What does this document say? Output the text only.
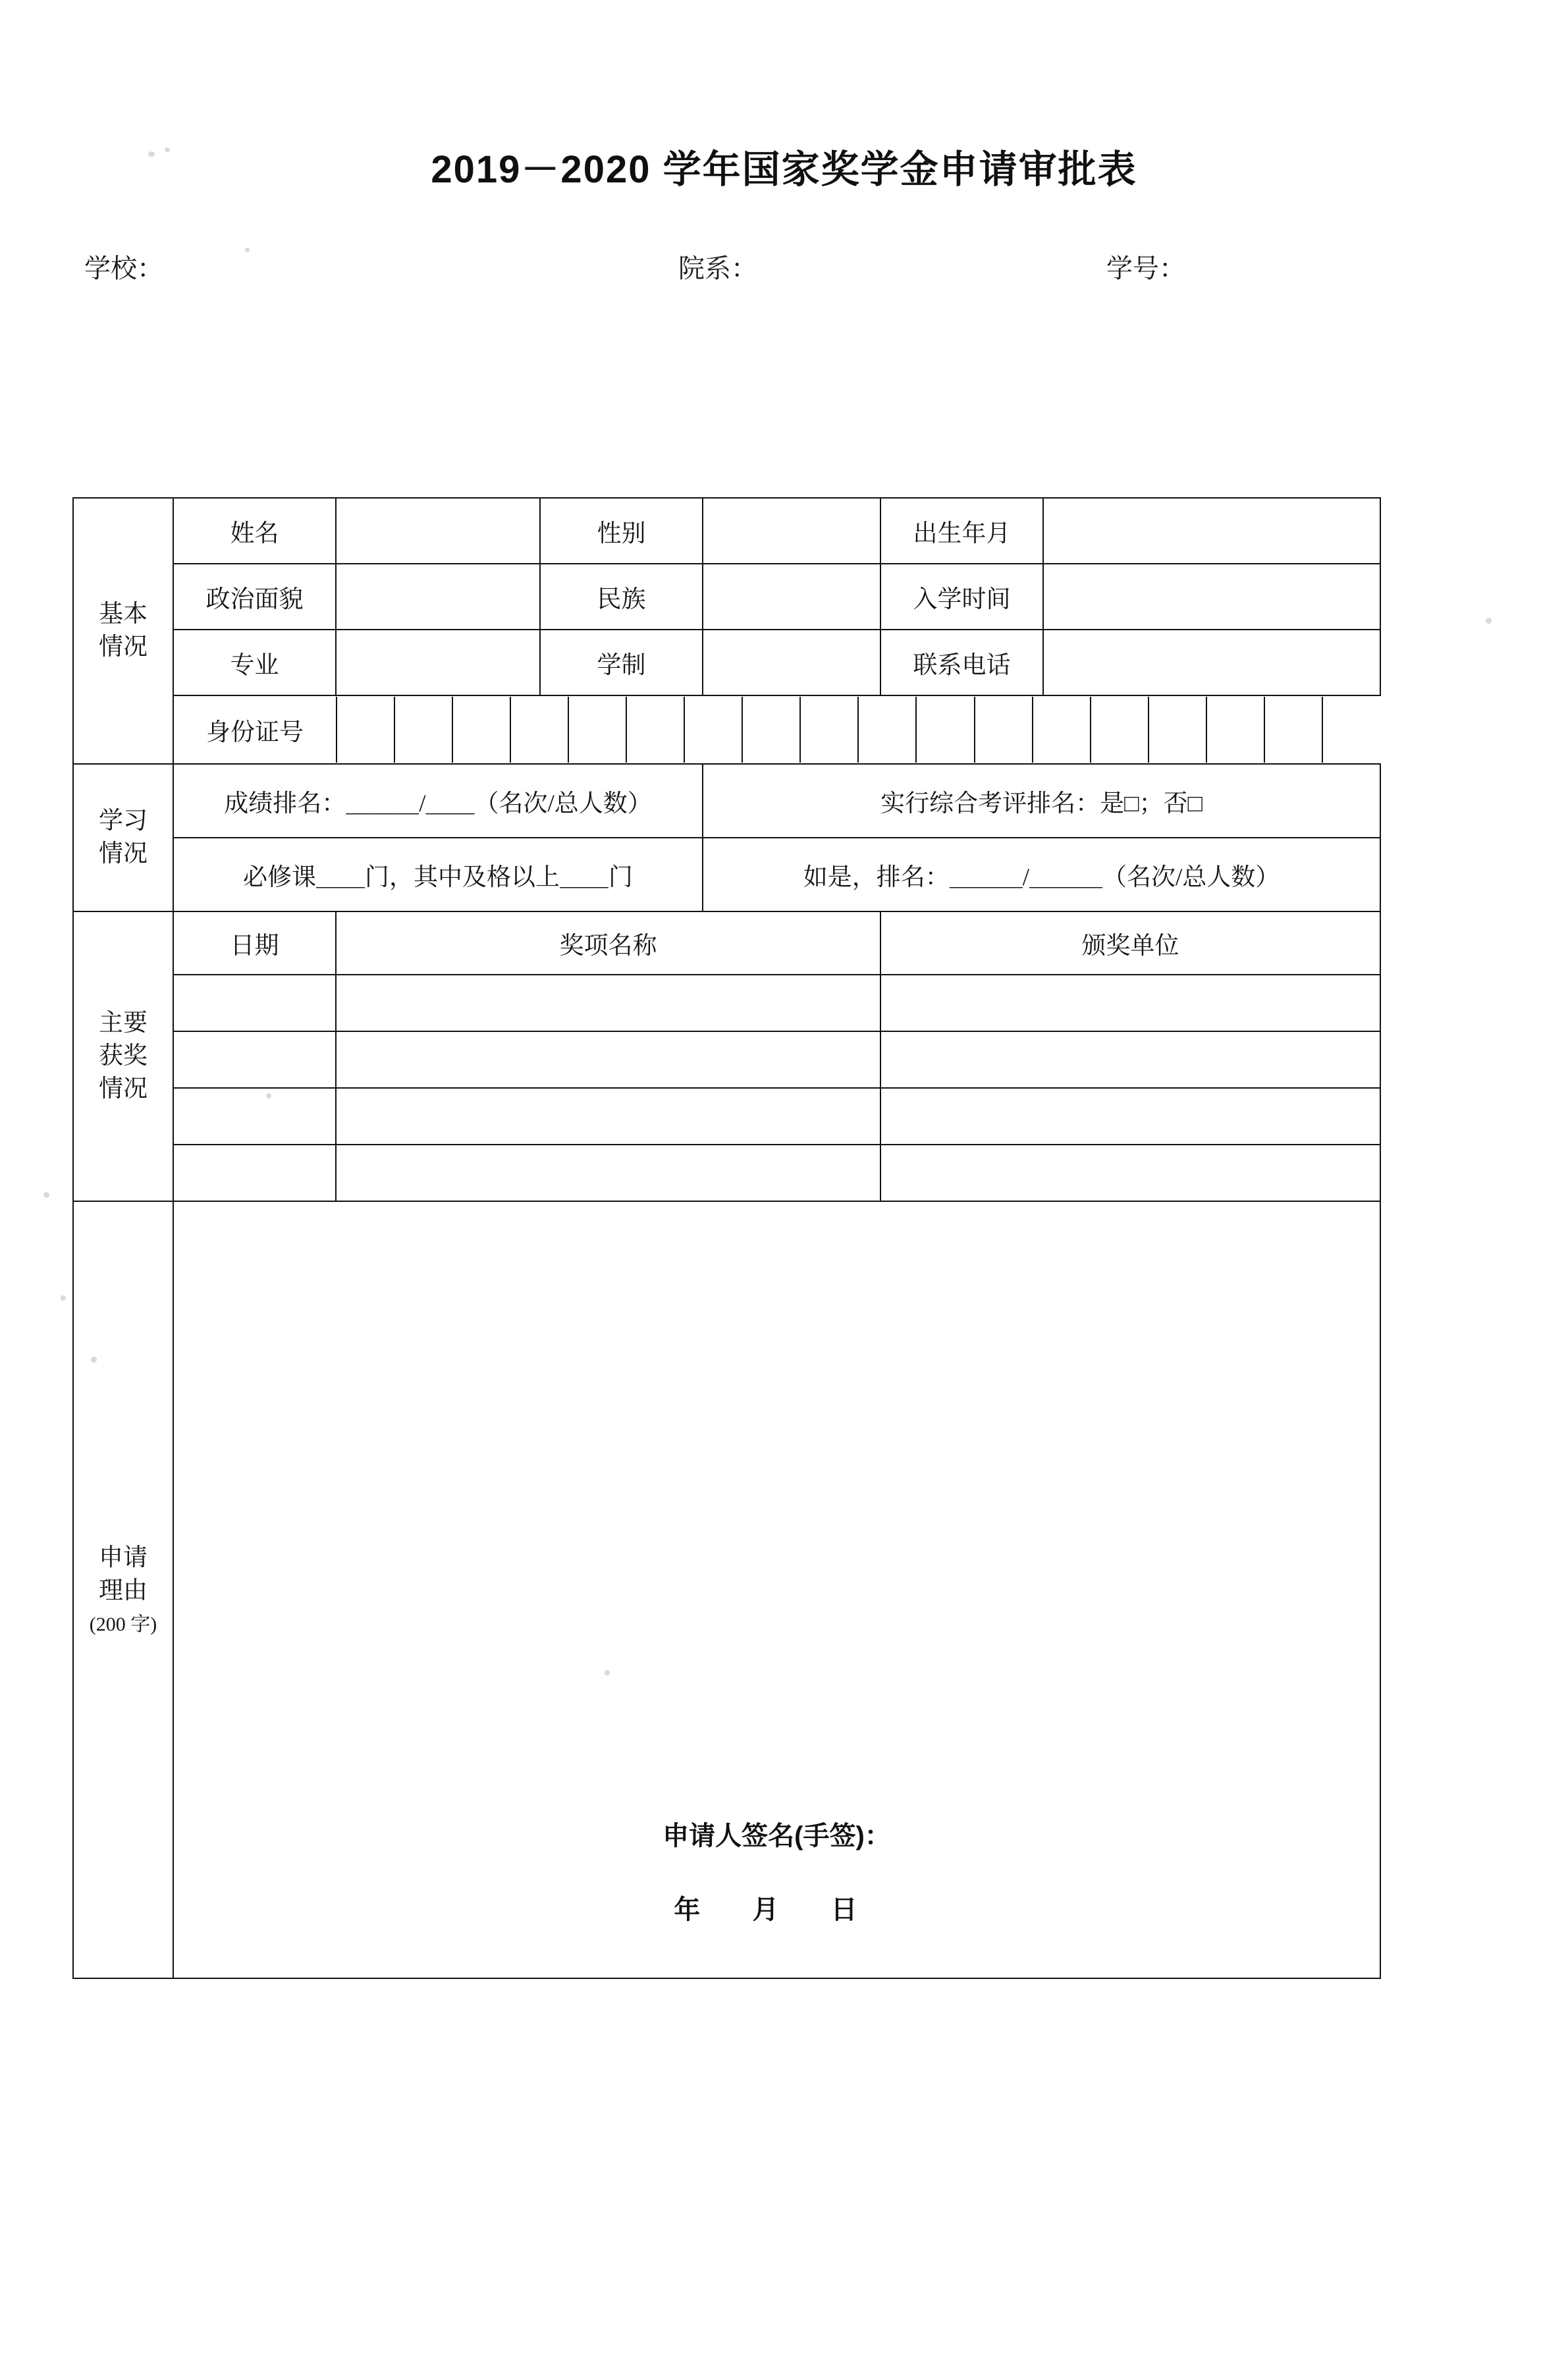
2019－2020 学年国家奖学金申请审批表
学校：	院系：	学号：
基本
情况
	姓名		性别		出生年月	
政治面貌		民族		入学时间	
专业		学制		联系电话	

身份证号																		

学习
情况
	成绩排名：＿＿＿/＿＿（名次/总人数）	实行综合考评排名：是□；否□
必修课＿＿门，其中及格以上＿＿门	如是，排名：＿＿＿/＿＿＿（名次/总人数）

主要
获奖
情况
	日期	奖项名称	颁奖单位

申请
理由
(200 字)

申请人签名(手签)：
年 月 日
